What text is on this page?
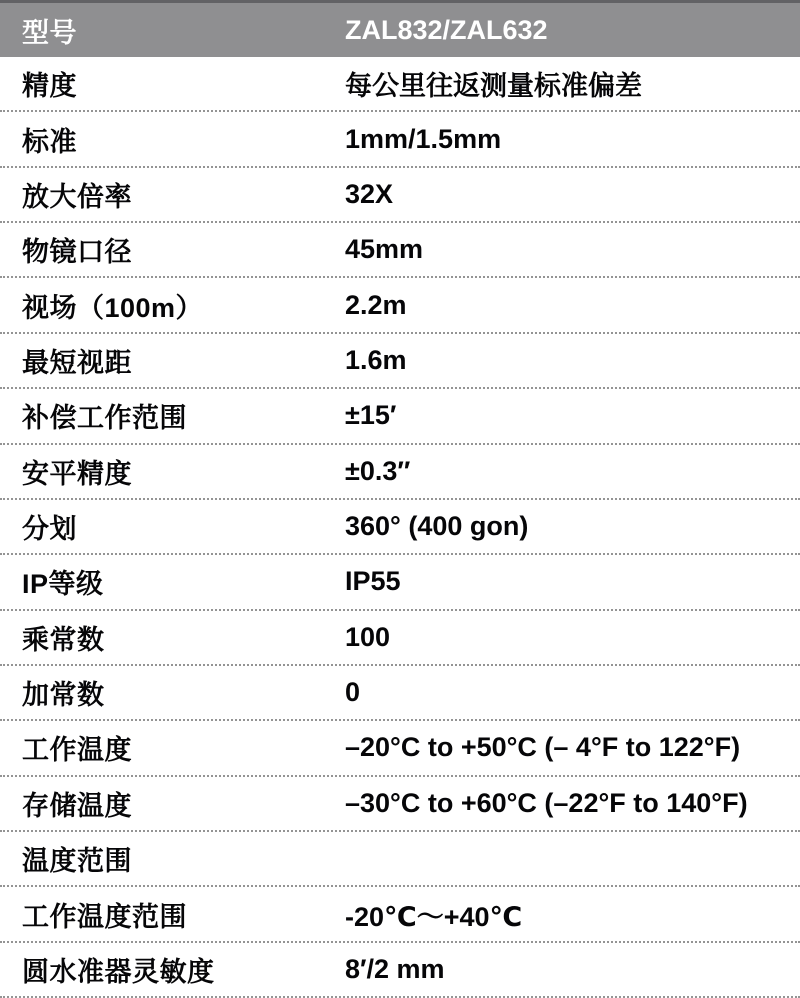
型号	ZAL832/ZAL632
精度	每公里往返测量标准偏差
标准	1mm/1.5mm
放大倍率	32X
物镜口径	45mm
视场（100m）	2.2m
最短视距	1.6m
补偿工作范围	±15′
安平精度	±0.3″
分划	360° (400 gon)
IP等级	IP55
乘常数	100
加常数	0
工作温度	–20°C to +50°C (– 4°F to 122°F)
存储温度	–30°C to +60°C (–22°F to 140°F)
温度范围
工作温度范围	-20℃～+40℃
圆水准器灵敏度	8′/2 mm
